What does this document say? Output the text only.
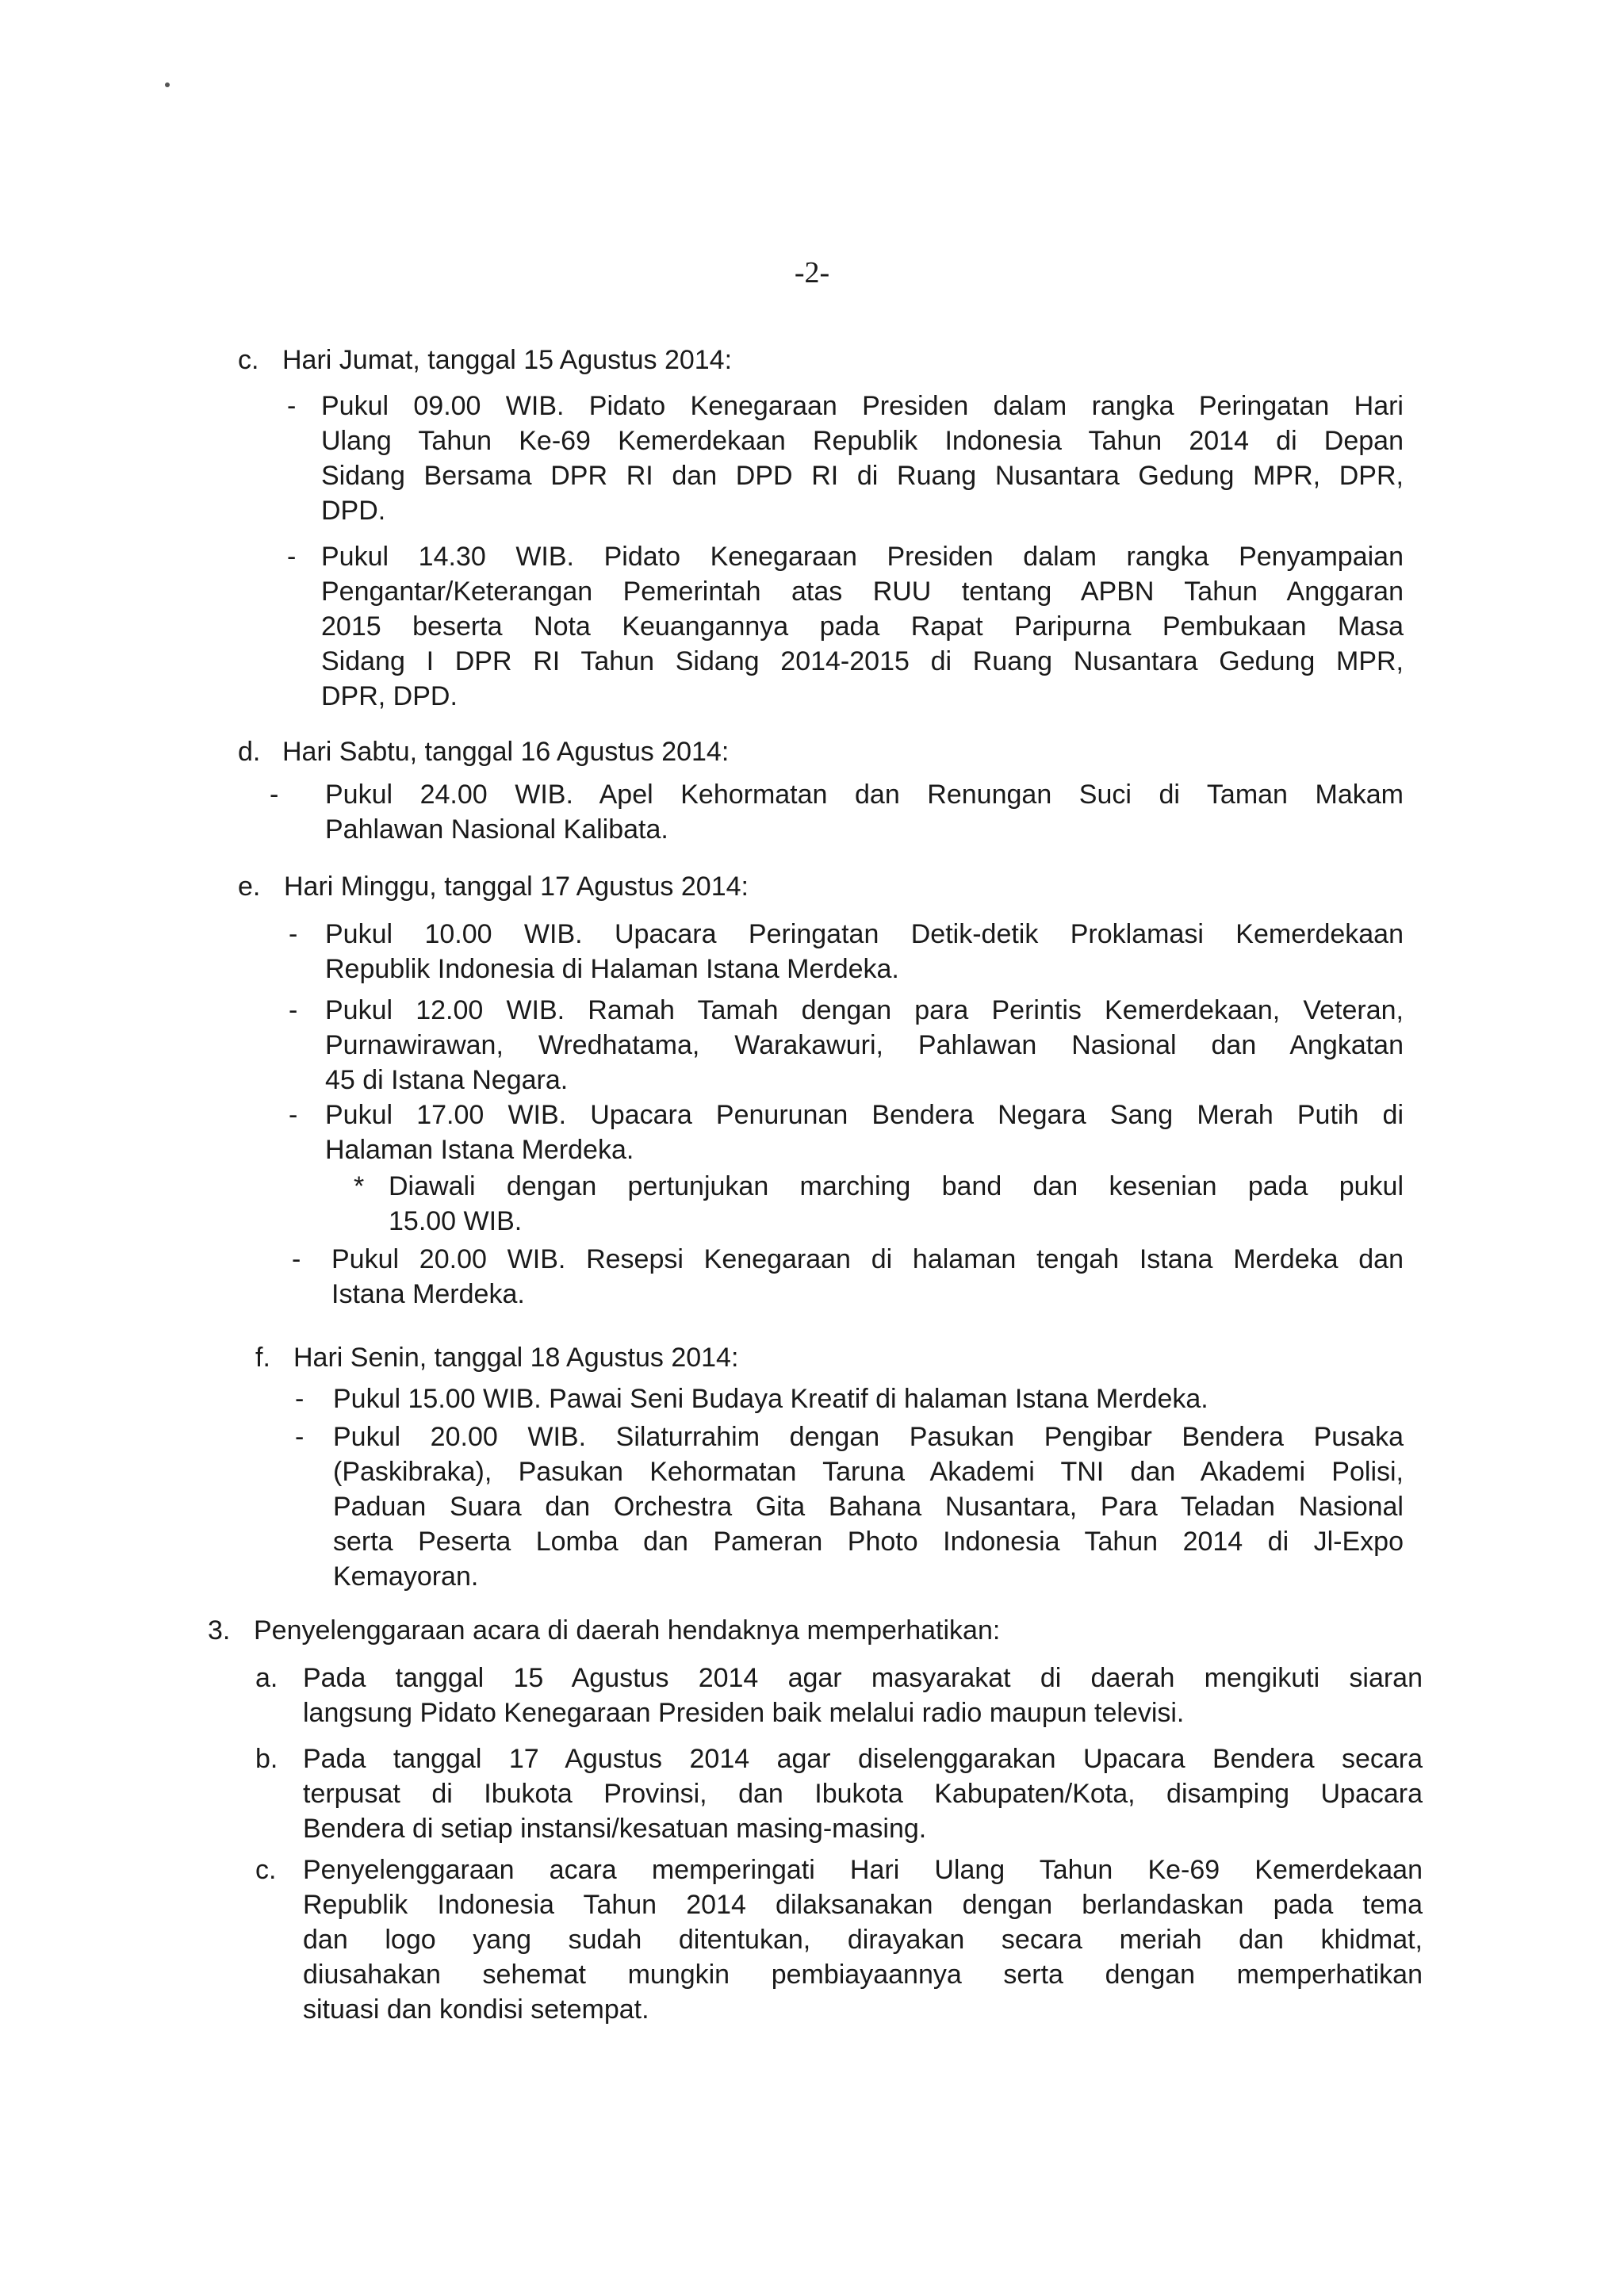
-2-
c. Hari Jumat, tanggal 15 Agustus 2014:
- Pukul 09.00 WIB. Pidato Kenegaraan Presiden dalam rangka Peringatan Hari
Ulang Tahun Ke-69 Kemerdekaan Republik Indonesia Tahun 2014 di Depan
Sidang Bersama DPR RI dan DPD RI di Ruang Nusantara Gedung MPR, DPR,
DPD.
- Pukul 14.30 WIB. Pidato Kenegaraan Presiden dalam rangka Penyampaian
Pengantar/Keterangan Pemerintah atas RUU tentang APBN Tahun Anggaran
2015 beserta Nota Keuangannya pada Rapat Paripurna Pembukaan Masa
Sidang I DPR RI Tahun Sidang 2014-2015 di Ruang Nusantara Gedung MPR,
DPR, DPD.
d. Hari Sabtu, tanggal 16 Agustus 2014:
- Pukul 24.00 WIB. Apel Kehormatan dan Renungan Suci di Taman Makam
Pahlawan Nasional Kalibata.
e. Hari Minggu, tanggal 17 Agustus 2014:
- Pukul 10.00 WIB. Upacara Peringatan Detik-detik Proklamasi Kemerdekaan
Republik Indonesia di Halaman Istana Merdeka.
- Pukul 12.00 WIB. Ramah Tamah dengan para Perintis Kemerdekaan, Veteran,
Purnawirawan, Wredhatama, Warakawuri, Pahlawan Nasional dan Angkatan
45 di Istana Negara.
- Pukul 17.00 WIB. Upacara Penurunan Bendera Negara Sang Merah Putih di
Halaman Istana Merdeka.
* Diawali dengan pertunjukan marching band dan kesenian pada pukul
15.00 WIB.
- Pukul 20.00 WIB. Resepsi Kenegaraan di halaman tengah Istana Merdeka dan
Istana Merdeka.
f. Hari Senin, tanggal 18 Agustus 2014:
- Pukul 15.00 WIB. Pawai Seni Budaya Kreatif di halaman Istana Merdeka.
- Pukul 20.00 WIB. Silaturrahim dengan Pasukan Pengibar Bendera Pusaka
(Paskibraka), Pasukan Kehormatan Taruna Akademi TNI dan Akademi Polisi,
Paduan Suara dan Orchestra Gita Bahana Nusantara, Para Teladan Nasional
serta Peserta Lomba dan Pameran Photo Indonesia Tahun 2014 di Jl-Expo
Kemayoran.
3. Penyelenggaraan acara di daerah hendaknya memperhatikan:
a. Pada tanggal 15 Agustus 2014 agar masyarakat di daerah mengikuti siaran
langsung Pidato Kenegaraan Presiden baik melalui radio maupun televisi.
b. Pada tanggal 17 Agustus 2014 agar diselenggarakan Upacara Bendera secara
terpusat di Ibukota Provinsi, dan Ibukota Kabupaten/Kota, disamping Upacara
Bendera di setiap instansi/kesatuan masing-masing.
c. Penyelenggaraan acara memperingati Hari Ulang Tahun Ke-69 Kemerdekaan
Republik Indonesia Tahun 2014 dilaksanakan dengan berlandaskan pada tema
dan logo yang sudah ditentukan, dirayakan secara meriah dan khidmat,
diusahakan sehemat mungkin pembiayaannya serta dengan memperhatikan
situasi dan kondisi setempat.
